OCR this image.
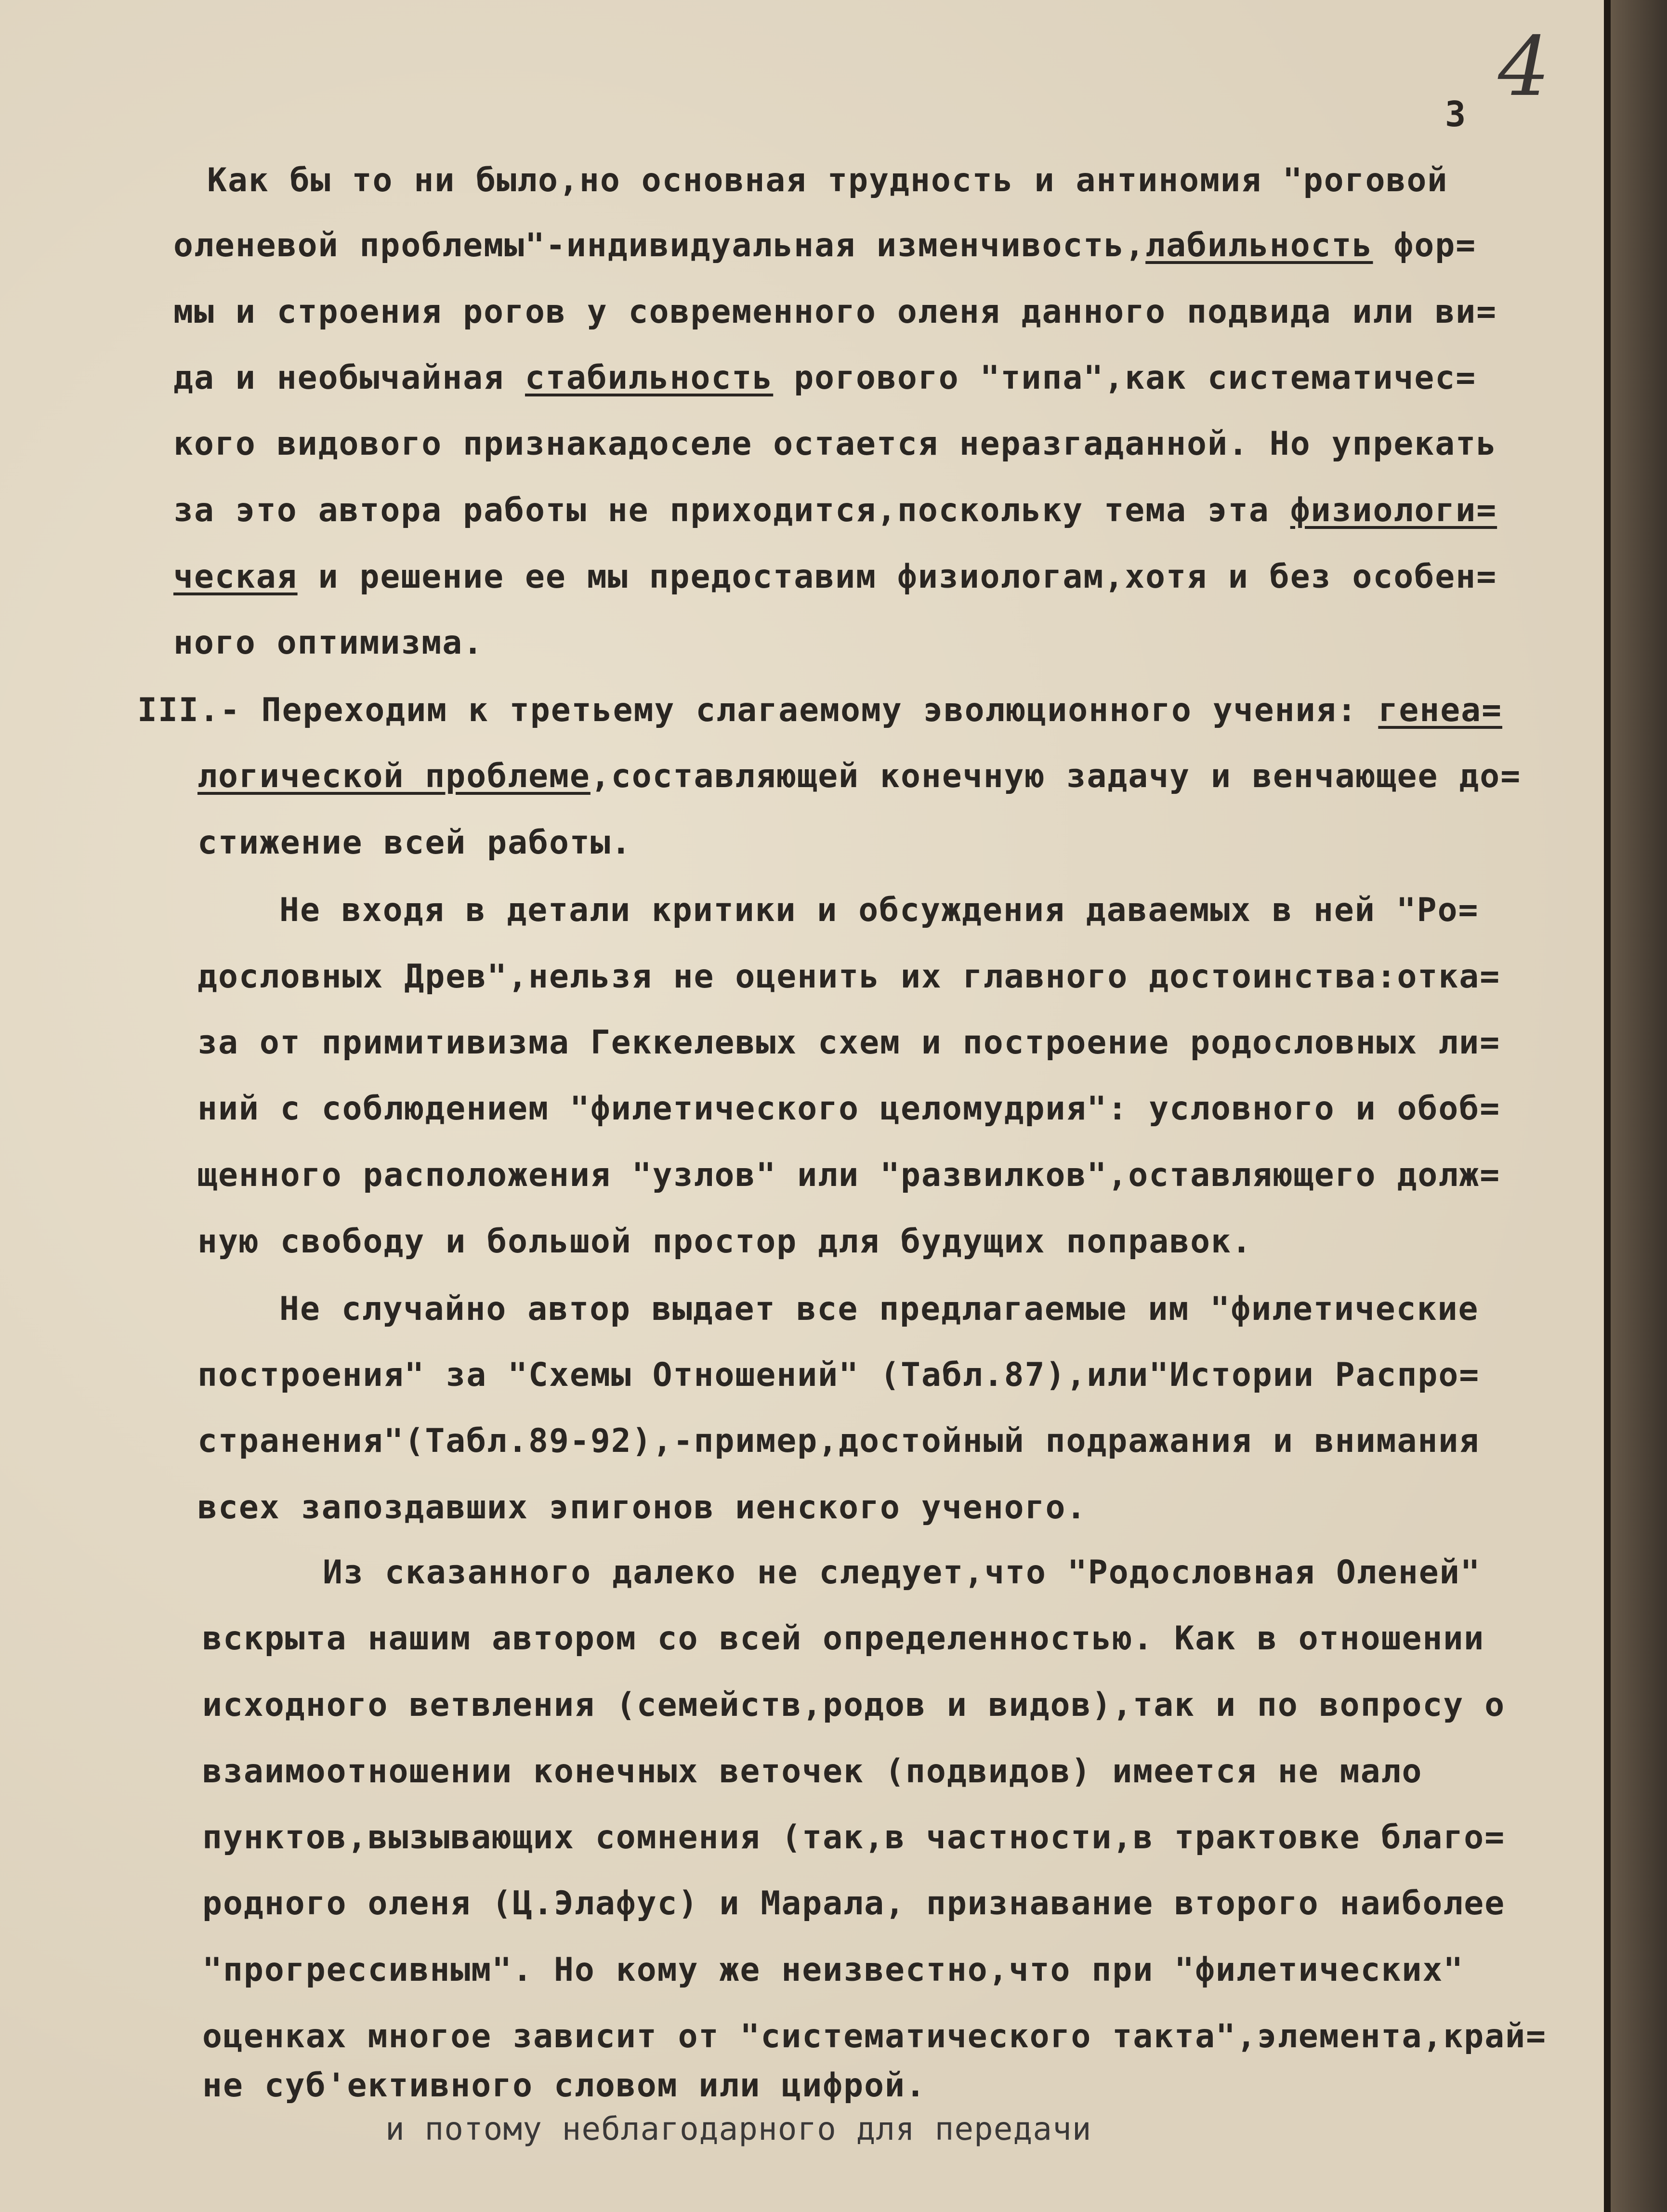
4
3
Как бы то ни было,но основная трудность и антиномия "роговой
оленевой проблемы"-индивидуальная изменчивость,лабильность фор=
мы и строения рогов у современного оленя данного подвида или ви=
да и необычайная стабильность рогового "типа",как систематичес=
кого видового признакадоселе остается неразгаданной. Но упрекать
за это автора работы не приходится,поскольку тема эта физиологи=
ческая и решение ее мы предоставим физиологам,хотя и без особен=
ного оптимизма.
III.- Переходим к третьему слагаемому эволюционного учения: генеа=
логической проблеме,составляющей конечную задачу и венчающее до=
стижение всей работы.
Не входя в детали критики и обсуждения даваемых в ней "Ро=
дословных Древ",нельзя не оценить их главного достоинства:отка=
за от примитивизма Геккелевых схем и построение родословных ли=
ний с соблюдением "филетического целомудрия": условного и обоб=
щенного расположения "узлов" или "развилков",оставляющего долж=
ную свободу и большой простор для будущих поправок.
Не случайно автор выдает все предлагаемые им "филетические
построения" за "Схемы Отношений" (Табл.87),или"Истории Распро=
странения"(Табл.89-92),-пример,достойный подражания и внимания
всех запоздавших эпигонов иенского ученого.
Из сказанного далеко не следует,что "Родословная Оленей"
вскрыта нашим автором со всей определенностью. Как в отношении
исходного ветвления (семейств,родов и видов),так и по вопросу о
взаимоотношении конечных веточек (подвидов) имеется не мало
пунктов,вызывающих сомнения (так,в частности,в трактовке благо=
родного оленя (Ц.Элафус) и Марала, признавание второго наиболее
"прогрессивным". Но кому же неизвестно,что при "филетических"
оценках многое зависит от "систематического такта",элемента,край=
не суб'ективного словом или цифрой.
и потому неблагодарного для передачи
